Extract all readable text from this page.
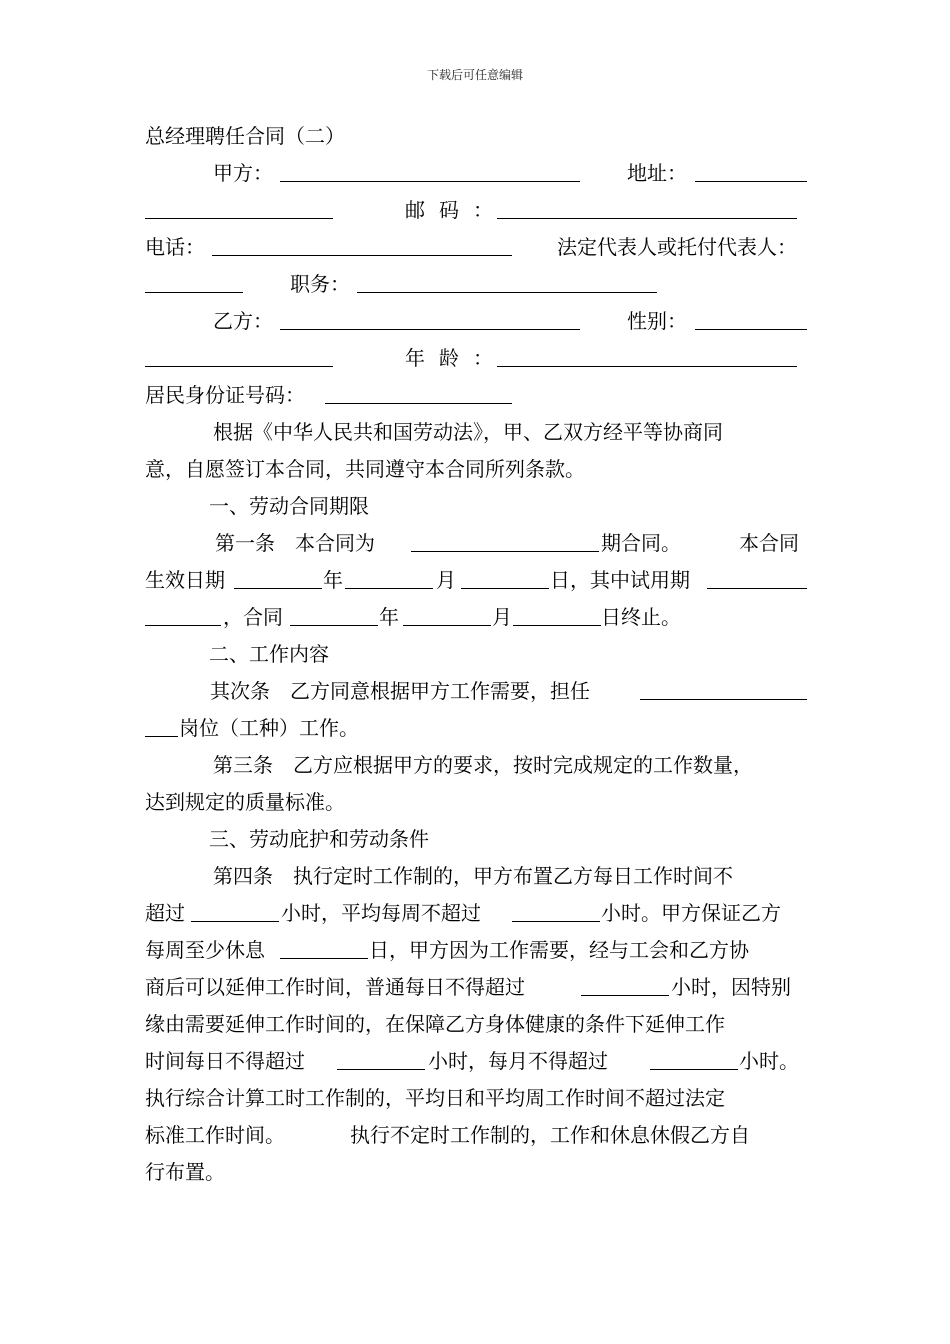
下载后可任意编辑
总经理聘任合同（二）
甲方：	地址：
邮码：
电话：	法定代表人或托付代表人：
职务：
乙方：	性别：
年龄：
居民身份证号码：
根据《中华人民共和国劳动法》，甲、乙双方经平等协商同
意，自愿签订本合同，共同遵守本合同所列条款。
一、劳动合同期限
第一条　本合同为	期合同。	本合同
生效日期	年	月	日，其中试用期
，合同	年	月	日终止。
二、工作内容
其次条　乙方同意根据甲方工作需要，担任
岗位（工种）工作。
第三条　乙方应根据甲方的要求，按时完成规定的工作数量，
达到规定的质量标准。
三、劳动庇护和劳动条件
第四条　执行定时工作制的，甲方布置乙方每日工作时间不
超过	小时，平均每周不超过	小时。甲方保证乙方
每周至少休息	日，甲方因为工作需要，经与工会和乙方协
商后可以延伸工作时间，普通每日不得超过	小时，因特别
缘由需要延伸工作时间的，在保障乙方身体健康的条件下延伸工作
时间每日不得超过	小时，每月不得超过	小时。
执行综合计算工时工作制的，平均日和平均周工作时间不超过法定
标准工作时间。	执行不定时工作制的，工作和休息休假乙方自
行布置。
